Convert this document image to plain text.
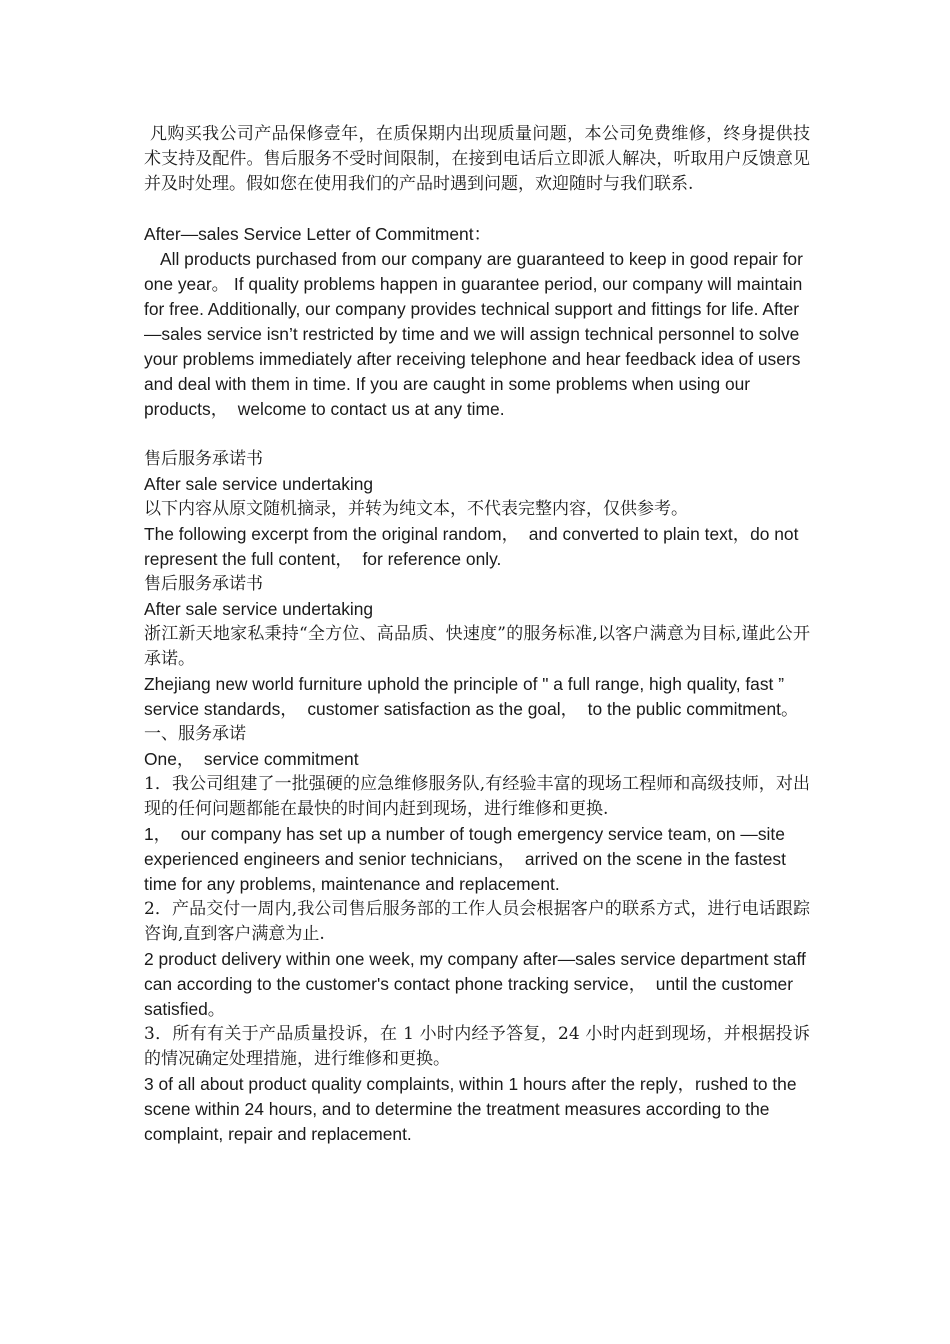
凡购买我公司产品保修壹年，在质保期内出现质量问题，本公司免费维修，终身提供技术支持及配件。售后服务不受时间限制，在接到电话后立即派人解决，听取用户反馈意见并及时处理。假如您在使用我们的产品时遇到问题，欢迎随时与我们联系.

After—sales Service Letter of Commitment：

All products purchased from our company are guaranteed to keep in good repair for one year。 If quality problems happen in guarantee period, our company will maintain for free. Additionally, our company provides technical support and fittings for life. After—sales service isn’t restricted by time and we will assign technical personnel to solve your problems immediately after receiving telephone and hear feedback idea of users and deal with them in time. If you are caught in some problems when using our products，  welcome to contact us at any time.

售后服务承诺书

After sale service undertaking

以下内容从原文随机摘录，并转为纯文本，不代表完整内容，仅供参考。

The following excerpt from the original random，  and converted to plain text，do not represent the full content，  for reference only.

售后服务承诺书

After sale service undertaking

浙江新天地家私秉持“全方位、高品质、快速度”的服务标准,以客户满意为目标,谨此公开承诺。

Zhejiang new world furniture uphold the principle of " a full range, high quality, fast ” service standards，  customer satisfaction as the goal，  to the public commitment。

一、服务承诺

One，  service commitment

1．我公司组建了一批强硬的应急维修服务队,有经验丰富的现场工程师和高级技师，对出现的任何问题都能在最快的时间内赶到现场，进行维修和更换.

1，  our company has set up a number of tough emergency service team, on —site experienced engineers and senior technicians，  arrived on the scene in the fastest time for any problems, maintenance and replacement.

2．产品交付一周内,我公司售后服务部的工作人员会根据客户的联系方式，进行电话跟踪咨询,直到客户满意为止.

2 product delivery within one week, my company after—sales service department staff can according to the customer's contact phone tracking service，  until the customer satisfied。

3．所有有关于产品质量投诉，在 1 小时内经予答复，24 小时内赶到现场，并根据投诉的情况确定处理措施，进行维修和更换。

3 of all about product quality complaints, within 1 hours after the reply，rushed to the scene within 24 hours, and to determine the treatment measures according to the complaint, repair and replacement.
